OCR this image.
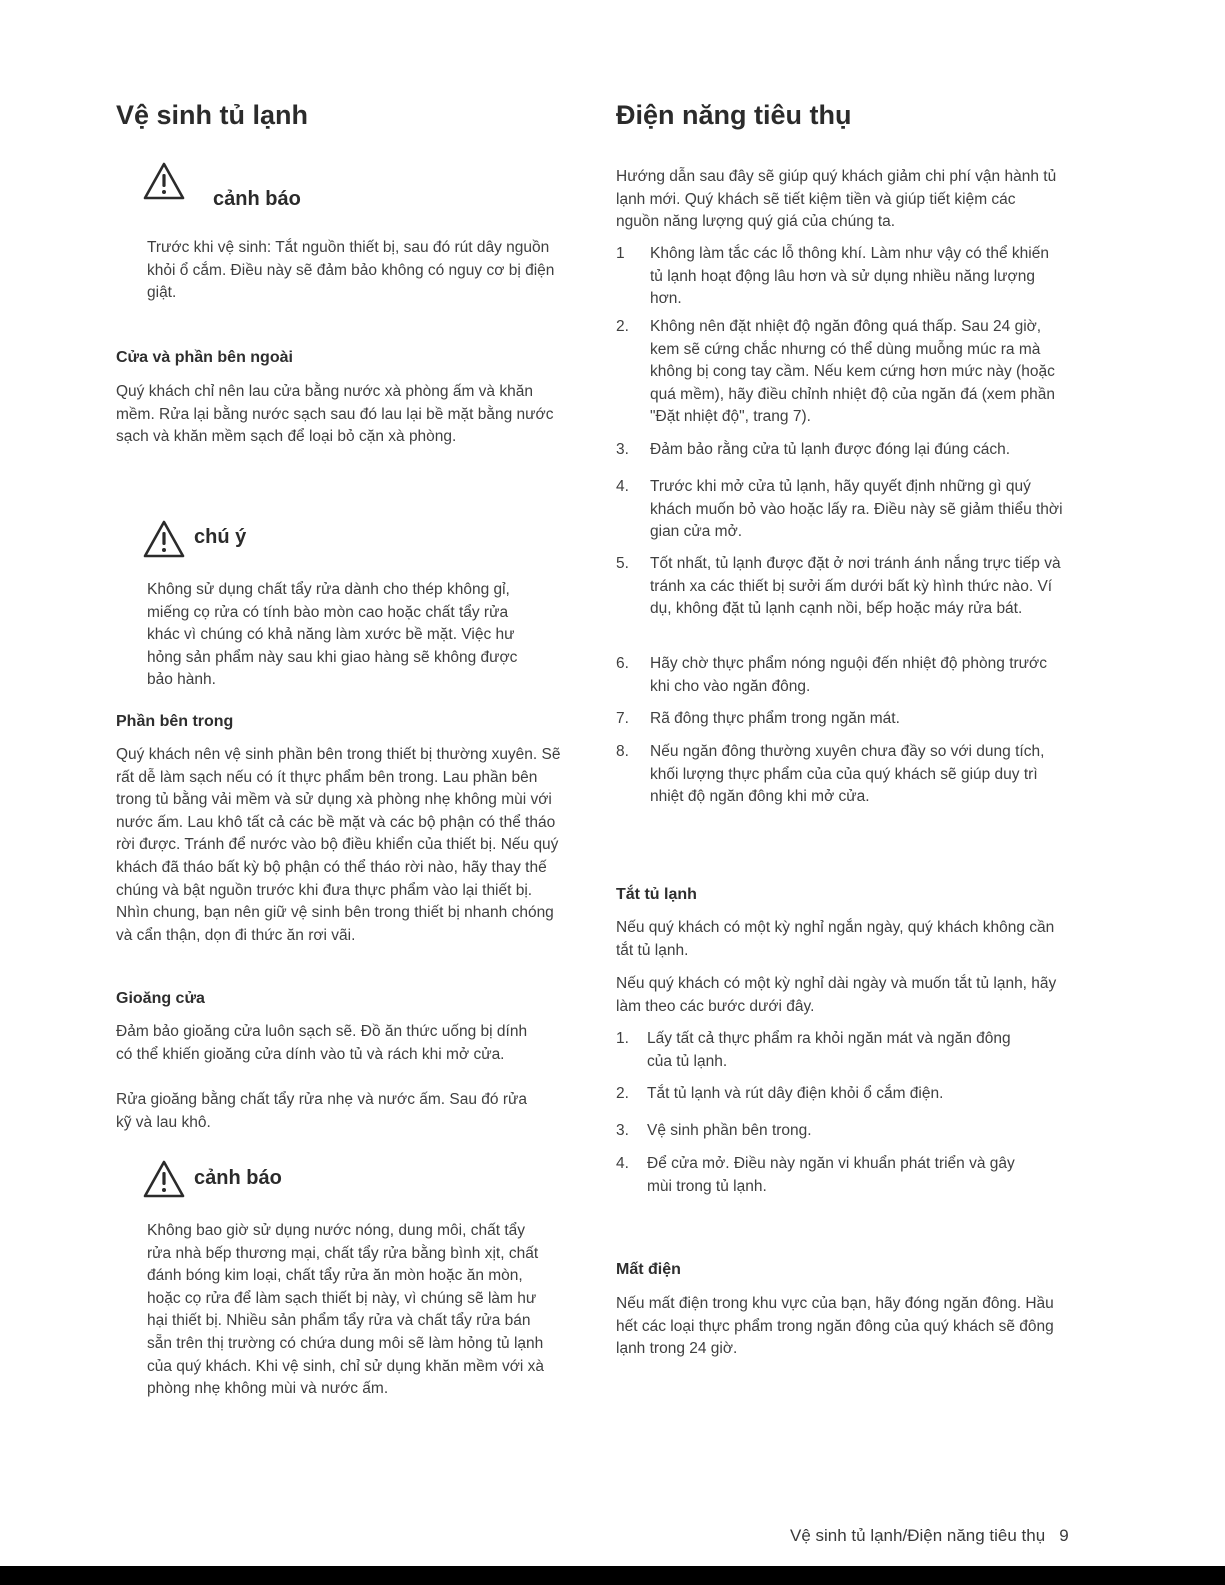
Vệ sinh tủ lạnh
cảnh báo

Trước khi vệ sinh: Tắt nguồn thiết bị, sau đó rút dây nguồn khỏi ổ cắm. Điều này sẽ đảm bảo không có nguy cơ bị điện giật.

Cửa và phần bên ngoài

Quý khách chỉ nên lau cửa bằng nước xà phòng ấm và khăn mềm. Rửa lại bằng nước sạch sau đó lau lại bề mặt bằng nước sạch và khăn mềm sạch để loại bỏ cặn xà phòng.

chú ý

Không sử dụng chất tẩy rửa dành cho thép không gỉ, miếng cọ rửa có tính bào mòn cao hoặc chất tẩy rửa khác vì chúng có khả năng làm xước bề mặt. Việc hư hỏng sản phẩm này sau khi giao hàng sẽ không được bảo hành.

Phần bên trong

Quý khách nên vệ sinh phần bên trong thiết bị thường xuyên. Sẽ rất dễ làm sạch nếu có ít thực phẩm bên trong. Lau phần bên trong tủ bằng vải mềm và sử dụng xà phòng nhẹ không mùi với nước ấm. Lau khô tất cả các bề mặt và các bộ phận có thể tháo rời được. Tránh để nước vào bộ điều khiển của thiết bị. Nếu quý khách đã tháo bất kỳ bộ phận có thể tháo rời nào, hãy thay thế chúng và bật nguồn trước khi đưa thực phẩm vào lại thiết bị. Nhìn chung, bạn nên giữ vệ sinh bên trong thiết bị nhanh chóng và cẩn thận, dọn đi thức ăn rơi vãi.

Gioăng cửa

Đảm bảo gioăng cửa luôn sạch sẽ. Đồ ăn thức uống bị dính có thể khiến gioăng cửa dính vào tủ và rách khi mở cửa.

Rửa gioăng bằng chất tẩy rửa nhẹ và nước ấm. Sau đó rửa kỹ và lau khô.

cảnh báo

Không bao giờ sử dụng nước nóng, dung môi, chất tẩy rửa nhà bếp thương mại, chất tẩy rửa bằng bình xịt, chất đánh bóng kim loại, chất tẩy rửa ăn mòn hoặc ăn mòn, hoặc cọ rửa để làm sạch thiết bị này, vì chúng sẽ làm hư hại thiết bị. Nhiều sản phẩm tẩy rửa và chất tẩy rửa bán sẵn trên thị trường có chứa dung môi sẽ làm hỏng tủ lạnh của quý khách. Khi vệ sinh, chỉ sử dụng khăn mềm với xà phòng nhẹ không mùi và nước ấm.

Điện năng tiêu thụ

Hướng dẫn sau đây sẽ giúp quý khách giảm chi phí vận hành tủ lạnh mới. Quý khách sẽ tiết kiệm tiền và giúp tiết kiệm các nguồn năng lượng quý giá của chúng ta.

1	Không làm tắc các lỗ thông khí. Làm như vậy có thể khiến tủ lạnh hoạt động lâu hơn và sử dụng nhiều năng lượng hơn.
2.	Không nên đặt nhiệt độ ngăn đông quá thấp. Sau 24 giờ, kem sẽ cứng chắc nhưng có thể dùng muỗng múc ra mà không bị cong tay cầm. Nếu kem cứng hơn mức này (hoặc quá mềm), hãy điều chỉnh nhiệt độ của ngăn đá (xem phần "Đặt nhiệt độ", trang 7).
3.	Đảm bảo rằng cửa tủ lạnh được đóng lại đúng cách.
4.	Trước khi mở cửa tủ lạnh, hãy quyết định những gì quý khách muốn bỏ vào hoặc lấy ra. Điều này sẽ giảm thiểu thời gian cửa mở.
5.	Tốt nhất, tủ lạnh được đặt ở nơi tránh ánh nắng trực tiếp và tránh xa các thiết bị sưởi ấm dưới bất kỳ hình thức nào. Ví dụ, không đặt tủ lạnh cạnh nồi, bếp hoặc máy rửa bát.
6.	Hãy chờ thực phẩm nóng nguội đến nhiệt độ phòng trước khi cho vào ngăn đông.
7.	Rã đông thực phẩm trong ngăn mát.
8.	Nếu ngăn đông thường xuyên chưa đầy so với dung tích, khối lượng thực phẩm của của quý khách sẽ giúp duy trì nhiệt độ ngăn đông khi mở cửa.
Tắt tủ lạnh

Nếu quý khách có một kỳ nghỉ ngắn ngày, quý khách không cần tắt tủ lạnh.

Nếu quý khách có một kỳ nghỉ dài ngày và muốn tắt tủ lạnh, hãy làm theo các bước dưới đây.

1.	Lấy tất cả thực phẩm ra khỏi ngăn mát và ngăn đông của tủ lạnh.
2.	Tắt tủ lạnh và rút dây điện khỏi ổ cắm điện.
3.	Vệ sinh phần bên trong.
4.	Để cửa mở. Điều này ngăn vi khuẩn phát triển và gây mùi trong tủ lạnh.
Mất điện

Nếu mất điện trong khu vực của bạn, hãy đóng ngăn đông. Hầu hết các loại thực phẩm trong ngăn đông của quý khách sẽ đông lạnh trong 24 giờ.

Vệ sinh tủ lạnh/Điện năng tiêu thụ 9
